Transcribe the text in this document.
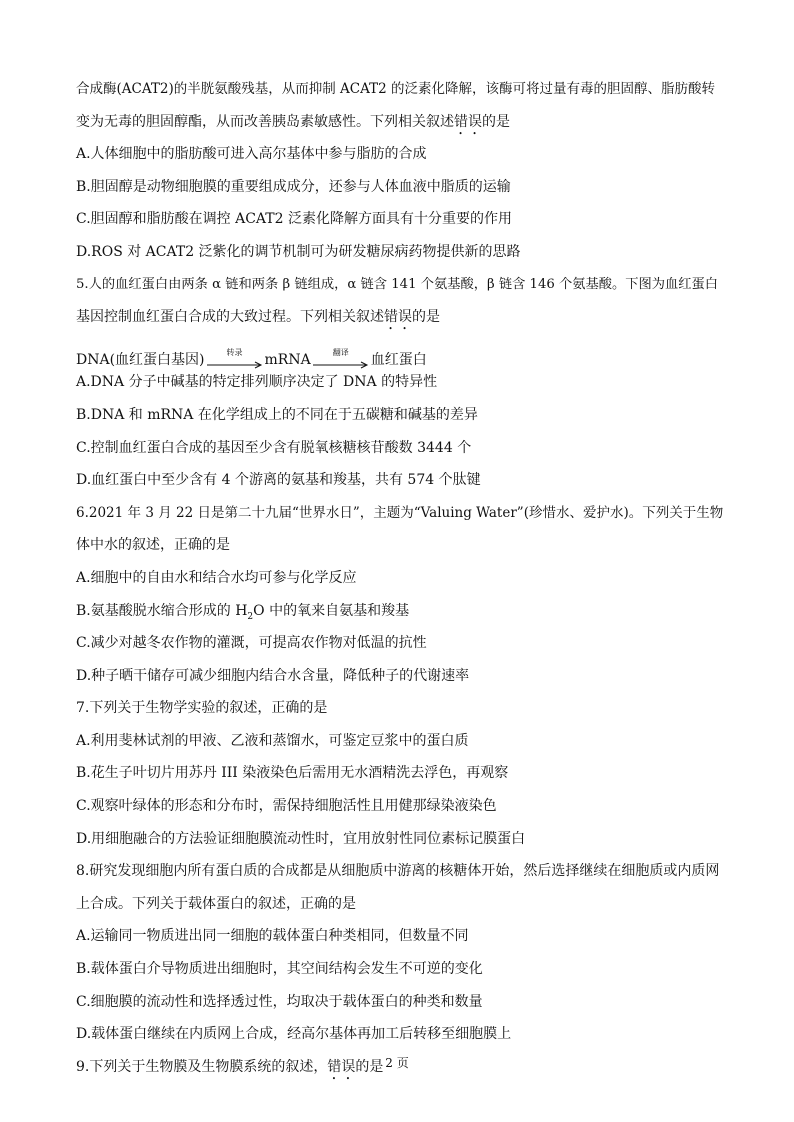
合成酶(ACAT2)的半胱氨酸残基，从而抑制 ACAT2 的泛素化降解，该酶可将过量有毒的胆固醇、脂肪酸转
变为无毒的胆固醇酯，从而改善胰岛素敏感性。下列相关叙述错误的是
A.人体细胞中的脂肪酸可进入高尔基体中参与脂肪的合成
B.胆固醇是动物细胞膜的重要组成成分，还参与人体血液中脂质的运输
C.胆固醇和脂肪酸在调控 ACAT2 泛素化降解方面具有十分重要的作用
D.ROS 对 ACAT2 泛紫化的调节机制可为研发糖尿病药物提供新的思路
5.人的血红蛋白由两条 α 链和两条 β 链组成，α 链含 141 个氨基酸，β 链含 146 个氨基酸。下图为血红蛋白
基因控制血红蛋白合成的大致过程。下列相关叙述错误的是
DNA(血红蛋白基因)	转录	mRNA	翻译	血红蛋白
A.DNA 分子中碱基的特定排列顺序决定了 DNA 的特异性
B.DNA 和 mRNA 在化学组成上的不同在于五碳糖和碱基的差异
C.控制血红蛋白合成的基因至少含有脱氧核糖核苷酸数 3444 个
D.血红蛋白中至少含有 4 个游离的氨基和羧基，共有 574 个肽键
6.2021 年 3 月 22 日是第二十九届“世界水日”，主题为“Valuing Water”(珍惜水、爱护水)。下列关于生物
体中水的叙述，正确的是
A.细胞中的自由水和结合水均可参与化学反应
B.氨基酸脱水缩合形成的 $H_2O$ 中的氧来自氨基和羧基
C.减少对越冬农作物的灌溉，可提高农作物对低温的抗性
D.种子晒干储存可减少细胞内结合水含量，降低种子的代谢速率
7.下列关于生物学实验的叙述，正确的是
A.利用斐林试剂的甲液、乙液和蒸馏水，可鉴定豆浆中的蛋白质
B.花生子叶切片用苏丹 III 染液染色后需用无水酒精洗去浮色，再观察
C.观察叶绿体的形态和分布时，需保持细胞活性且用健那绿染液染色
D.用细胞融合的方法验证细胞膜流动性时，宜用放射性同位素标记膜蛋白
8.研究发现细胞内所有蛋白质的合成都是从细胞质中游离的核糖体开始，然后选择继续在细胞质或内质网
上合成。下列关于载体蛋白的叙述，正确的是
A.运输同一物质进出同一细胞的载体蛋白种类相同，但数量不同
B.载体蛋白介导物质进出细胞时，其空间结构会发生不可逆的变化
C.细胞膜的流动性和选择透过性，均取决于载体蛋白的种类和数量
D.载体蛋白继续在内质网上合成，经高尔基体再加工后转移至细胞膜上
9.下列关于生物膜及生物膜系统的叙述，错误的是 2 页
